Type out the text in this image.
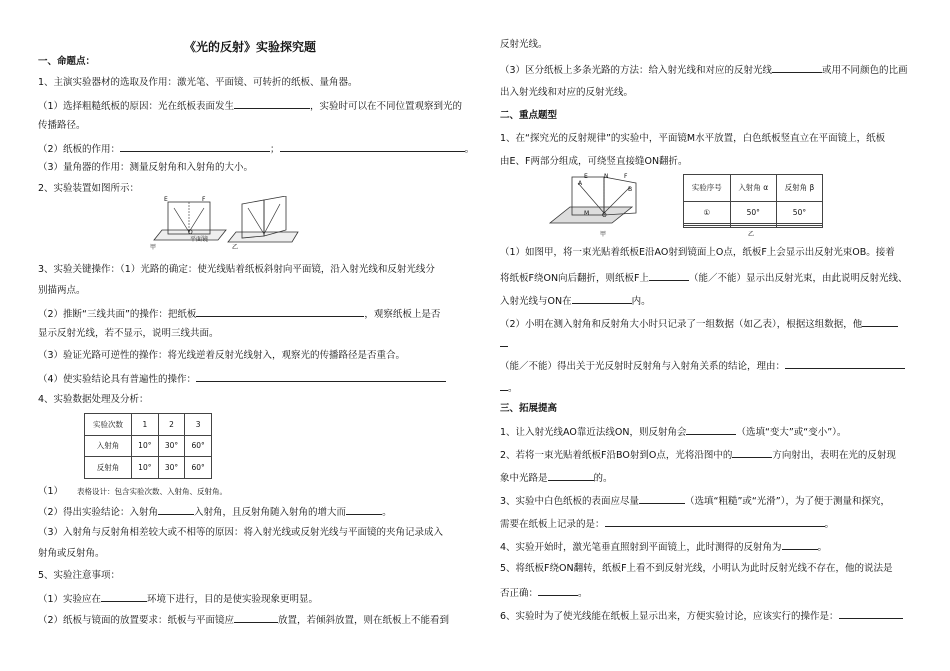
《光的反射》实验探究题
一、命题点：
1、主演实验器材的选取及作用：激光笔、平面镜、可转折的纸板、量角器。
（1）选择粗糙纸板的原因：光在纸板表面发生	，实验时可以在不同位置观察到光的
传播路径。
（2）纸板的作用：	；	。
（3）量角器的作用：测量反射角和入射角的大小。
2、实验装置如图所示：
E	F
O
平面镜
甲	乙
3、实验关键操作：（1）光路的确定：使光线贴着纸板斜射向平面镜，沿入射光线和反射光线分
别描两点。
（2）推断“三线共面”的操作：把纸板	，观察纸板上是否
显示反射光线，若不显示，说明三线共面。
（3）验证光路可逆性的操作：将光线逆着反射光线射入，观察光的传播路径是否重合。
（4）使实验结论具有普遍性的操作：
4、实验数据处理及分析：
实验次数	1	2	3
入射角	10°	30°	60°
反射角	10°	30°	60°
（1） 表格设计：包含实验次数、入射角、反射角。
（2）得出实验结论：入射角	入射角，且反射角随入射角的增大而	。
（3）入射角与反射角相差较大或不相等的原因：将入射光线或反射光线与平面镜的夹角记录成入
射角或反射角。
5、实验注意事项：
（1）实验应在	环境下进行，目的是使实验现象更明显。
（2）纸板与镜面的放置要求：纸板与平面镜应	放置，若倾斜放置，则在纸板上不能看到
反射光线。
（3）区分纸板上多条光路的方法：给入射光线和对应的反射光线	或用不同颜色的比画
出入射光线和对应的反射光线。
二、重点题型
1、在“探究光的反射规律”的实验中，平面镜M水平放置，白色纸板竖直立在平面镜上，纸板
由E、F两部分组成，可绕竖直接缝ON翻折。
A
E	N	F
B
M O
甲
实验序号	入射角 α	反射角 β
①	50°	50°

乙
（1）如图甲，将一束光贴着纸板E沿AO射到镜面上O点，纸板F上会显示出反射光束OB。接着
将纸板F绕ON向后翻折，则纸板F上	（能／不能）显示出反射光束，由此说明反射光线、
入射光线与ON在	内。
（2）小明在测入射角和反射角大小时只记录了一组数据（如乙表），根据这组数据，他
（能／不能）得出关于光反射时反射角与入射角关系的结论，理由：
。
三、拓展提高
1、让入射光线AO靠近法线ON，则反射角会	（选填“变大”或“变小”）。
2、若将一束光贴着纸板F沿BO射到O点，光将沿图中的	方向射出，表明在光的反射现
象中光路是	的。
3、实验中白色纸板的表面应尽量	（选填“粗糙”或“光滑”），为了便于测量和探究，
需要在纸板上记录的是：	。
4、实验开始时，激光笔垂直照射到平面镜上，此时测得的反射角为	。
5、将纸板F绕ON翻转，纸板F上看不到反射光线，小明认为此时反射光线不存在，他的说法是
否正确：	。
6、实验时为了使光线能在纸板上显示出来，方便实验讨论，应该实行的操作是：
